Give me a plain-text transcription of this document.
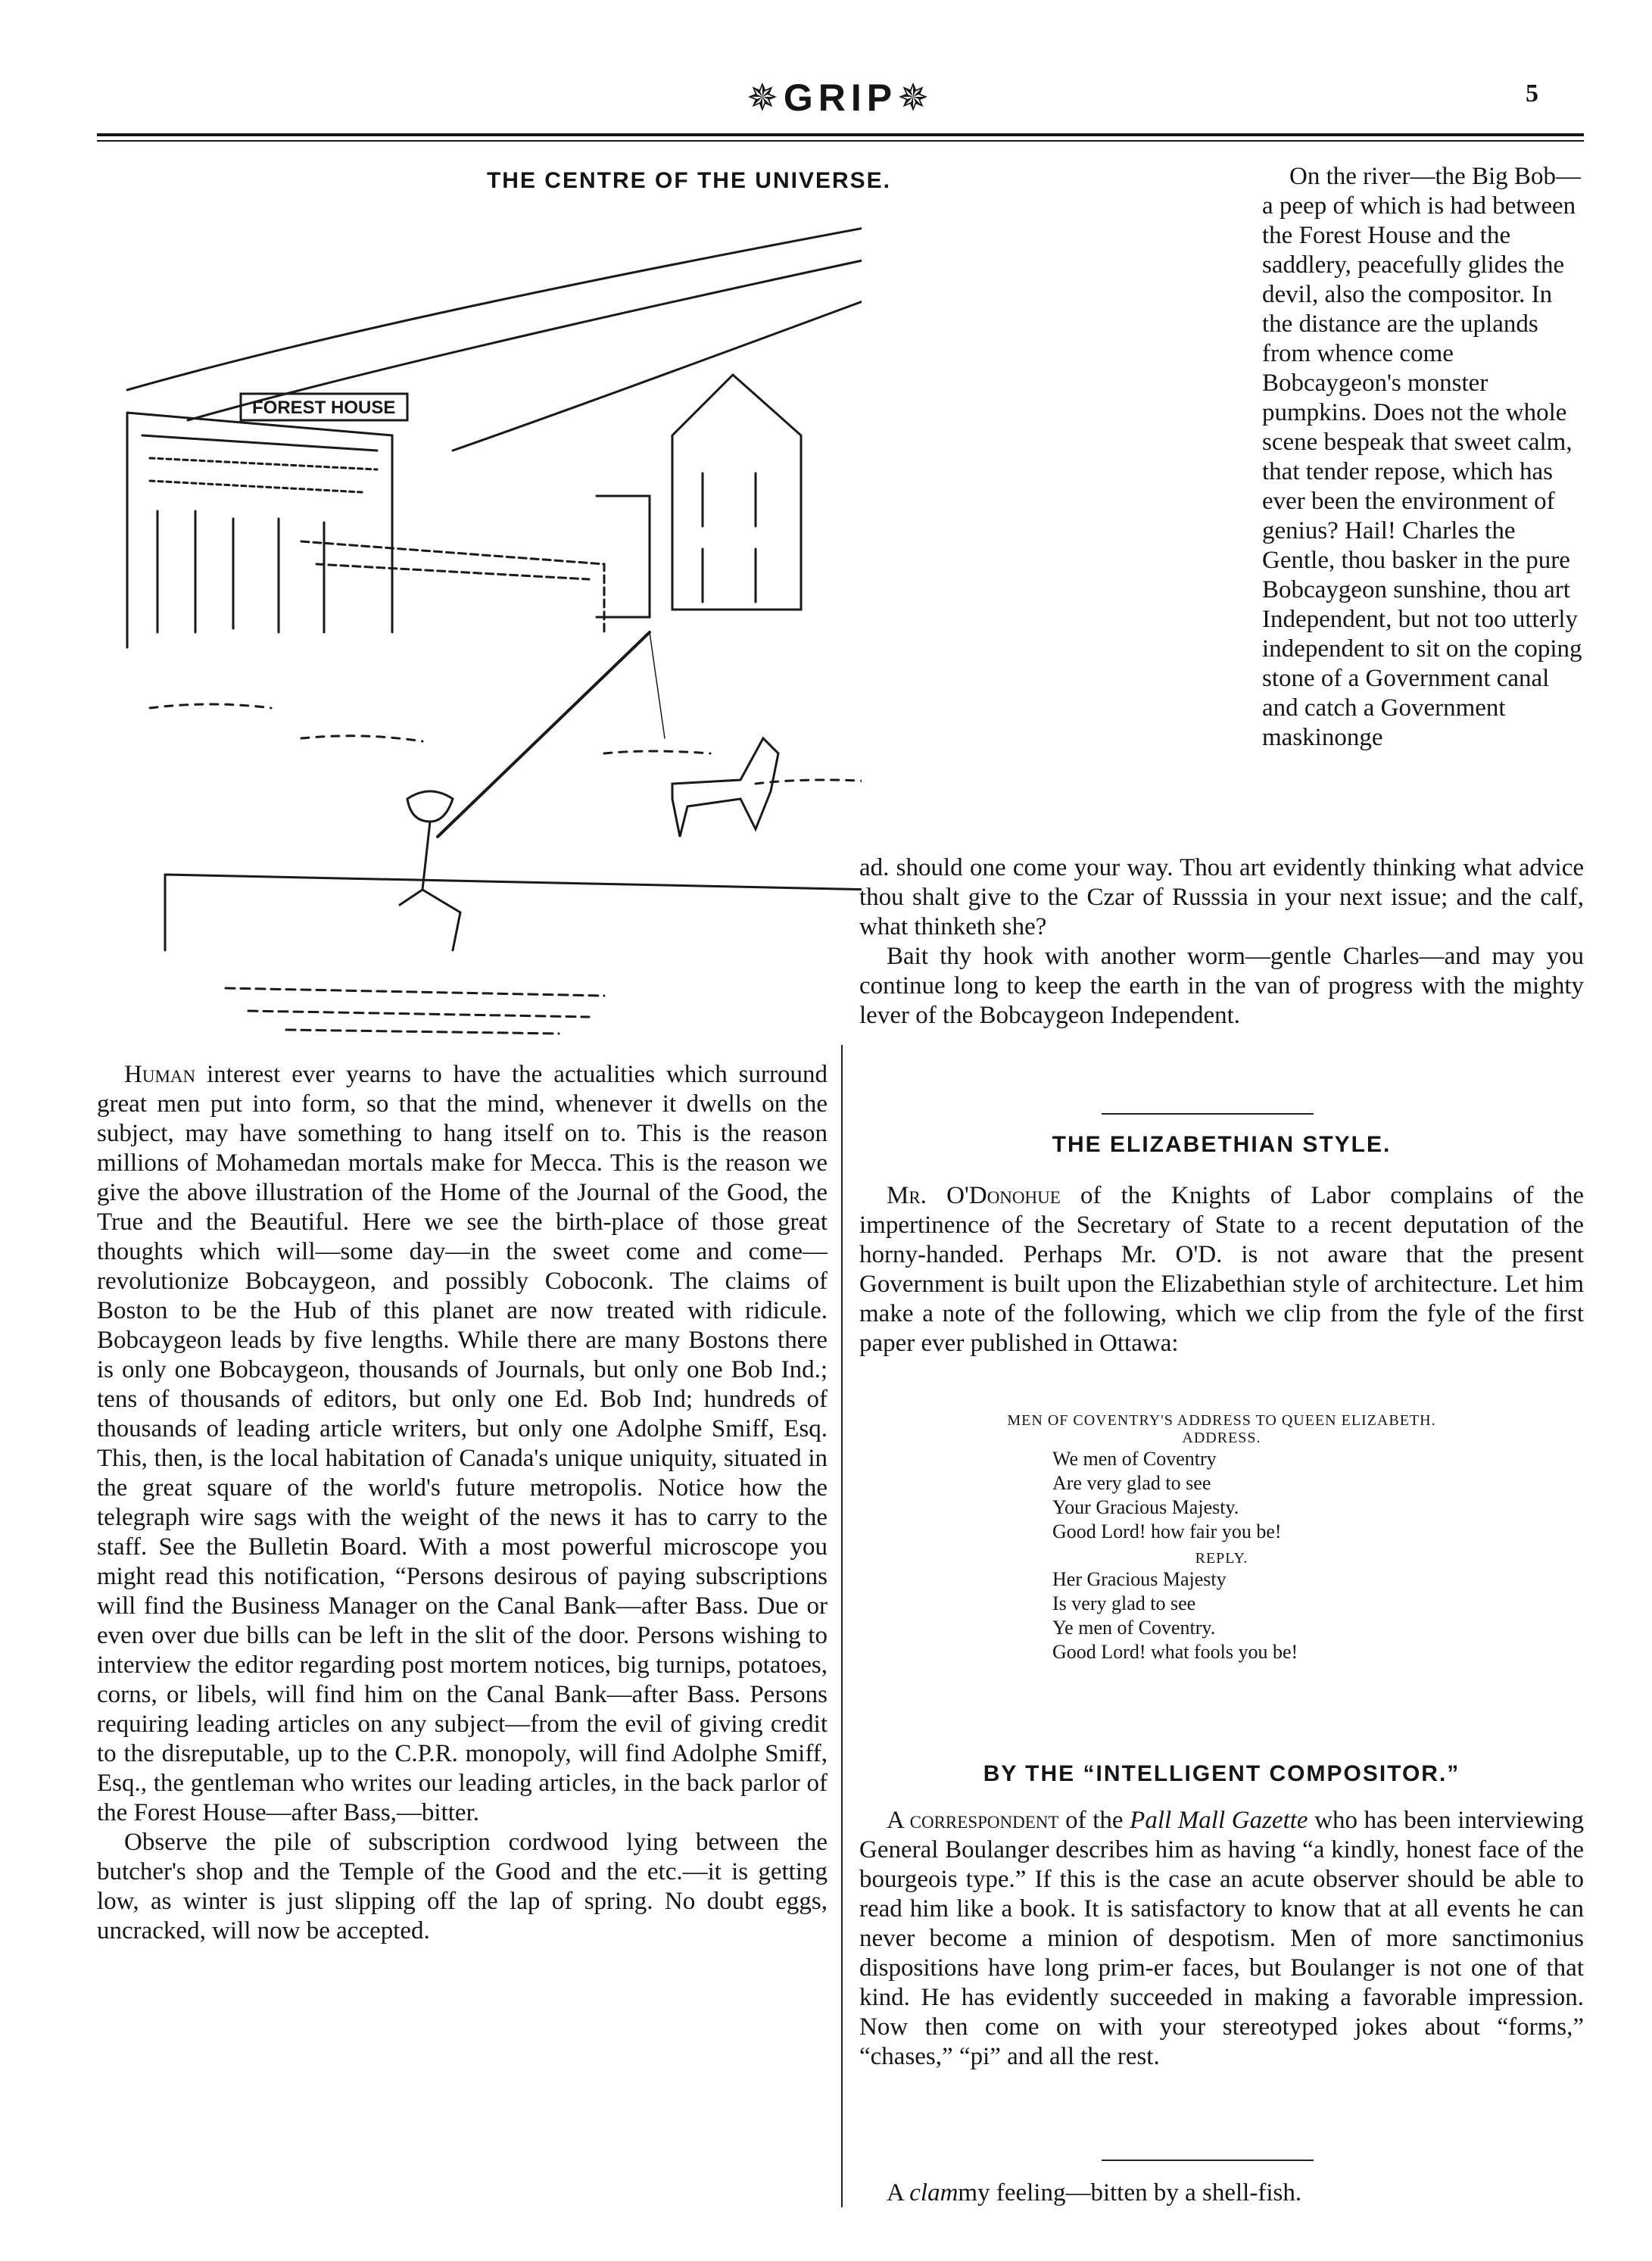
✵GRIP✵	5

THE CENTRE OF THE UNIVERSE.

FOREST HOUSE

On the river—the Big Bob—a peep of which is had between the Forest House and the saddlery, peacefully glides the devil, also the compositor. In the distance are the uplands from whence come Bobcaygeon's monster pumpkins. Does not the whole scene bespeak that sweet calm, that tender repose, which has ever been the environment of genius? Hail! Charles the Gentle, thou basker in the pure Bobcaygeon sunshine, thou art Independent, but not too utterly independent to sit on the coping stone of a Government canal and catch a Government maskinonge

ad. should one come your way. Thou art evidently thinking what advice thou shalt give to the Czar of Russsia in your next issue; and the calf, what thinketh she?

Bait thy hook with another worm—gentle Charles—and may you continue long to keep the earth in the van of progress with the mighty lever of the Bobcaygeon Independent.

Human interest ever yearns to have the actualities which surround great men put into form, so that the mind, whenever it dwells on the subject, may have something to hang itself on to. This is the reason millions of Mohamedan mortals make for Mecca. This is the reason we give the above illustration of the Home of the Journal of the Good, the True and the Beautiful. Here we see the birth-place of those great thoughts which will—some day—in the sweet come and come—revolutionize Bobcaygeon, and possibly Coboconk. The claims of Boston to be the Hub of this planet are now treated with ridicule. Bobcaygeon leads by five lengths. While there are many Bostons there is only one Bobcaygeon, thousands of Journals, but only one Bob Ind.; tens of thousands of editors, but only one Ed. Bob Ind; hundreds of thousands of leading article writers, but only one Adolphe Smiff, Esq. This, then, is the local habitation of Canada's unique uniquity, situated in the great square of the world's future metropolis. Notice how the telegraph wire sags with the weight of the news it has to carry to the staff. See the Bulletin Board. With a most powerful microscope you might read this notification, “Persons desirous of paying subscriptions will find the Business Manager on the Canal Bank—after Bass. Due or even over due bills can be left in the slit of the door. Persons wishing to interview the editor regarding post mortem notices, big turnips, potatoes, corns, or libels, will find him on the Canal Bank—after Bass. Persons requiring leading articles on any subject—from the evil of giving credit to the disreputable, up to the C.P.R. monopoly, will find Adolphe Smiff, Esq., the gentleman who writes our leading articles, in the back parlor of the Forest House—after Bass,—bitter.

Observe the pile of subscription cordwood lying between the butcher's shop and the Temple of the Good and the etc.—it is getting low, as winter is just slipping off the lap of spring. No doubt eggs, uncracked, will now be accepted.

THE ELIZABETHIAN STYLE.

Mr. O'Donohue of the Knights of Labor complains of the impertinence of the Secretary of State to a recent deputation of the horny-handed. Perhaps Mr. O'D. is not aware that the present Government is built upon the Elizabethian style of architecture. Let him make a note of the following, which we clip from the fyle of the first paper ever published in Ottawa:

MEN OF COVENTRY'S ADDRESS TO QUEEN ELIZABETH.

ADDRESS.

We men of Coventry

Are very glad to see

Your Gracious Majesty.

Good Lord! how fair you be!

REPLY.

Her Gracious Majesty

Is very glad to see

Ye men of Coventry.

Good Lord! what fools you be!

BY THE “INTELLIGENT COMPOSITOR.”

A correspondent of the Pall Mall Gazette who has been interviewing General Boulanger describes him as having “a kindly, honest face of the bourgeois type.” If this is the case an acute observer should be able to read him like a book. It is satisfactory to know that at all events he can never become a minion of despotism. Men of more sanctimonius dispositions have long prim-er faces, but Boulanger is not one of that kind. He has evidently succeeded in making a favorable impression. Now then come on with your stereotyped jokes about “forms,” “chases,” “pi” and all the rest.

A clammy feeling—bitten by a shell-fish.
